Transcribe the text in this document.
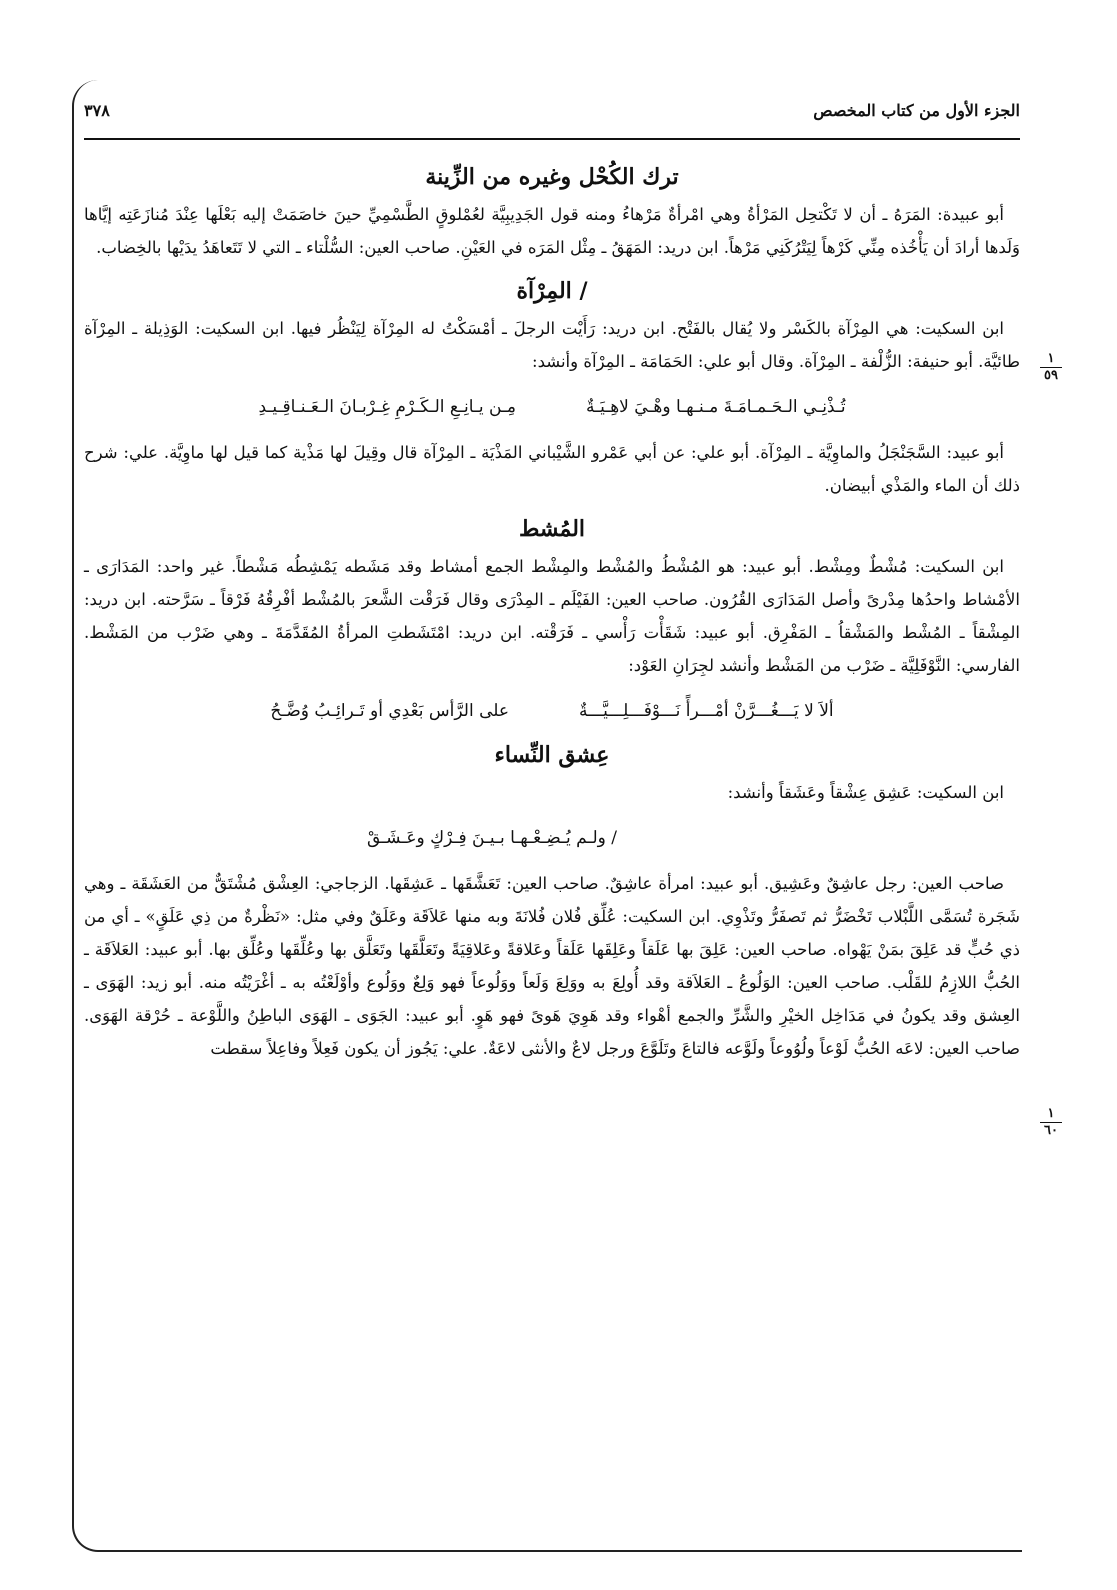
الجزء الأول من كتاب المخصص
٣٧٨
١
٥٩
١
٦٠
ترك الكُحْل وغيره من الزِّينة

أبو عبيدة: المَرَهُ ـ أن لا تَكْتحِل المَرْأةُ وهي امْرأةٌ مَرْهاءُ ومنه قول الجَدِيبِيَّة لعُمْلوقٍ الطَّسْمِيِّ حينَ خاصَمَتْ إليه بَعْلَها عِنْدَ مُنازَعَتِه إيَّاها وَلَدها أرادَ أن يَأْخُذه مِنِّي كَرْهاً لِيَتْرُكَنِي مَرْهاً. ابن دريد: المَهَقُ ـ مِثْل المَرَه في العَيْنِ. صاحب العين: السُّلْتاء ـ التي لا تَتَعاهَدُ يدَيْها بالخِضاب.

/ المِرْآة

ابن السكيت: هي المِرْآة بالكَسْر ولا يُقال بالفَتْح. ابن دريد: رَأَيْت الرجلَ ـ أمْسَكْتُ له المِرْآة لِيَنْظُر فيها. ابن السكيت: الوَذِيلة ـ المِرْآة طائيَّة. أبو حنيفة: الزُّلْفة ـ المِرْآة. وقال أبو علي: الحَمَامَة ـ المِرْآة وأنشد:

تُـذْنِـي الـحَـمـامَـةَ مـنـهـا وهْـيَ لاهِـيَـةٌ
مِـن يـانِـعِ الـكَـرْمِ غِـرْبـانَ الـعَـنـاقِـيـدِ

أبو عبيد: السَّجَنْجَلُ والماوِيَّة ـ المِرْآة. أبو علي: عن أبي عَمْرو الشَّيْباني المَذْيَة ـ المِرْآة قال وقِيلَ لها مَذْية كما قيل لها ماوِيَّة. علي: شرح ذلك أن الماء والمَذْي أبيضان.

المُشط

ابن السكيت: مُشْطٌ ومِشْط. أبو عبيد: هو المُشْطُ والمُشْط والمِشْط الجمع أمشاط وقد مَشَطه يَمْشِطُه مَشْطاً. غير واحد: المَدَارَى ـ الأمْشاط واحدُها مِدْرىً وأصل المَدَارَى القُرُون. صاحب العين: الفَيْلَم ـ المِدْرَى وقال فَرَقْت الشَّعرَ بالمُشْط أفْرِقُهُ فَرْقاً ـ سَرَّحته. ابن دريد: المِشْقاً ـ المُشْط والمَشْقاُ ـ المَفْرِق. أبو عبيد: شَقَأْت رَأْسي ـ فَرَقْته. ابن دريد: امْتَشَطتِ المرأةُ المُقَدَّمَةَ ـ وهي ضَرْب من المَشْط. الفارسي: النَّوْفَلِيَّة ـ ضَرْب من المَشْط وأنشد لجِرَانِ العَوْد:

ألاَ لا يَـــغُـــرَّنْ أمْـــرأً نَـــوْفَـــلِـــيَّـــةٌ
على الرَّأس بَعْدِي أو تَـرائِـبُ وُضَّـحُ
عِشق النِّساء

ابن السكيت: عَشِق عِشْقاً وعَشَقاً وأنشد:

/ ولـم يُـضِـعْـهـا بـيـنَ فِـرْكٍ وعَـشَـقْ

صاحب العين: رجل عاشِقٌ وعَشِيق. أبو عبيد: امرأة عاشِقٌ. صاحب العين: تَعَشَّقَها ـ عَشِقَها. الزجاجي: العِشْق مُشْتَقٌّ من العَشَقَة ـ وهي شَجَرة تُسَمَّى اللَّبْلاب تَخْضَرُّ ثم تَصفَرُّ وتَذْوِي. ابن السكيت: عُلِّق فُلان فُلانَةَ وبه منها عَلاَقَة وعَلَقٌ وفي مثل: «نَظْرةٌ من ذِي عَلَقٍ» ـ أي من ذي حُبٍّ قد عَلِقَ بمَنْ يَهْواه. صاحب العين: عَلِقَ بها عَلَقاً وعَلِقَها عَلَقاً وعَلاقةً وعَلاقِيَةً وتَعَلَّقَها وتَعَلَّق بها وعُلِّقَها وعُلِّق بها. أبو عبيد: العَلاَقَة ـ الحُبُّ اللازِمُ للقَلْب. صاحب العين: الوَلُوعُ ـ العَلاَقة وقد أُولِعَ به ووَلِعَ وَلَعاً ووَلُوعاً فهو وَلِعٌ ووَلُوع وأوْلَعْتُه به ـ أغْرَيْتُه منه. أبو زيد: الهَوَى ـ العِشق وقد يكونُ في مَدَاخِل الخيْرِ والشَّرِّ والجمع أهْواء وقد هَوِيَ هَوىً فهو هَوٍ. أبو عبيد: الجَوَى ـ الهَوَى الباطِنُ واللَّوْعة ـ حُرْقة الهَوَى. صاحب العين: لاعَه الحُبُّ لَوْعاً ولُوُوعاً ولَوَّعه فالتاعَ وتَلَوَّعَ ورجل لاعٌ والأنثى لاعَةٌ. علي: يَجُوز أن يكون فَعِلاً وفاعِلاً سقطت
